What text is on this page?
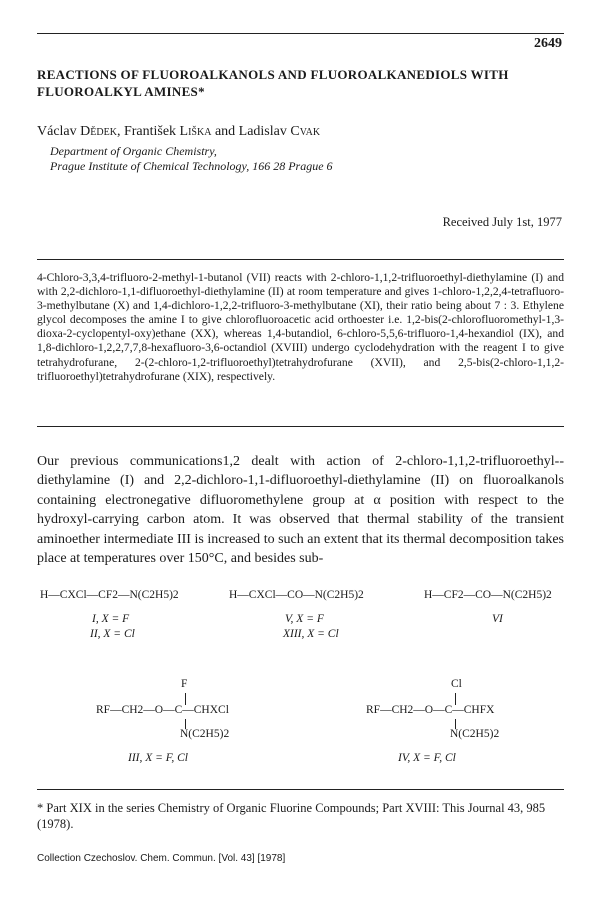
2649
REACTIONS OF FLUOROALKANOLS AND FLUOROALKANEDIOLS WITH FLUOROALKYL AMINES*
Václav Dědek, František Liška and Ladislav Cvak
Department of Organic Chemistry,
Prague Institute of Chemical Technology, 166 28 Prague 6
Received July 1st, 1977
4-Chloro-3,3,4-trifluoro-2-methyl-1-butanol (VII) reacts with 2-chloro-1,1,2-trifluoroethyl-diethylamine (I) and with 2,2-dichloro-1,1-difluoroethyl-diethylamine (II) at room temperature and gives 1-chloro-1,2,2,4-tetrafluoro-3-methylbutane (X) and 1,4-dichloro-1,2,2-trifluoro-3-methylbutane (XI), their ratio being about 7 : 3. Ethylene glycol decomposes the amine I to give chlorofluoroacetic acid orthoester i.e. 1,2-bis(2-chlorofluoromethyl-1,3-dioxa-2-cyclopentyl-oxy)ethane (XX), whereas 1,4-butandiol, 6-chloro-5,5,6-trifluoro-1,4-hexandiol (IX), and 1,8-dichloro-1,2,2,7,7,8-hexafluoro-3,6-octandiol (XVIII) undergo cyclodehydration with the reagent I to give tetrahydrofurane, 2-(2-chloro-1,2-trifluoroethyl)tetrahydrofurane (XVII), and 2,5-bis(2-chloro-1,1,2-trifluoroethyl)tetrahydrofurane (XIX), respectively.
Our previous communications1,2 dealt with action of 2-chloro-1,1,2-trifluoroethyl--diethylamine (I) and 2,2-dichloro-1,1-difluoroethyl-diethylamine (II) on fluoroalkanols containing electronegative difluoromethylene group at α position with respect to the hydroxyl-carrying carbon atom. It was observed that thermal stability of the transient aminoether intermediate III is increased to such an extent that its thermal decomposition takes place at temperatures over 150°C, and besides sub-
H—CXCl—CF2—N(C2H5)2
I, X = F
II, X = Cl
H—CXCl—CO—N(C2H5)2
V, X = F
XIII, X = Cl
H—CF2—CO—N(C2H5)2
VI
F
RF—CH2—O—C—CHXCl
N(C2H5)2
III, X = F, Cl
Cl
RF—CH2—O—C—CHFX
N(C2H5)2
IV, X = F, Cl
* Part XIX in the series Chemistry of Organic Fluorine Compounds; Part XVIII: This Journal 43, 985 (1978).
Collection Czechoslov. Chem. Commun. [Vol. 43] [1978]
